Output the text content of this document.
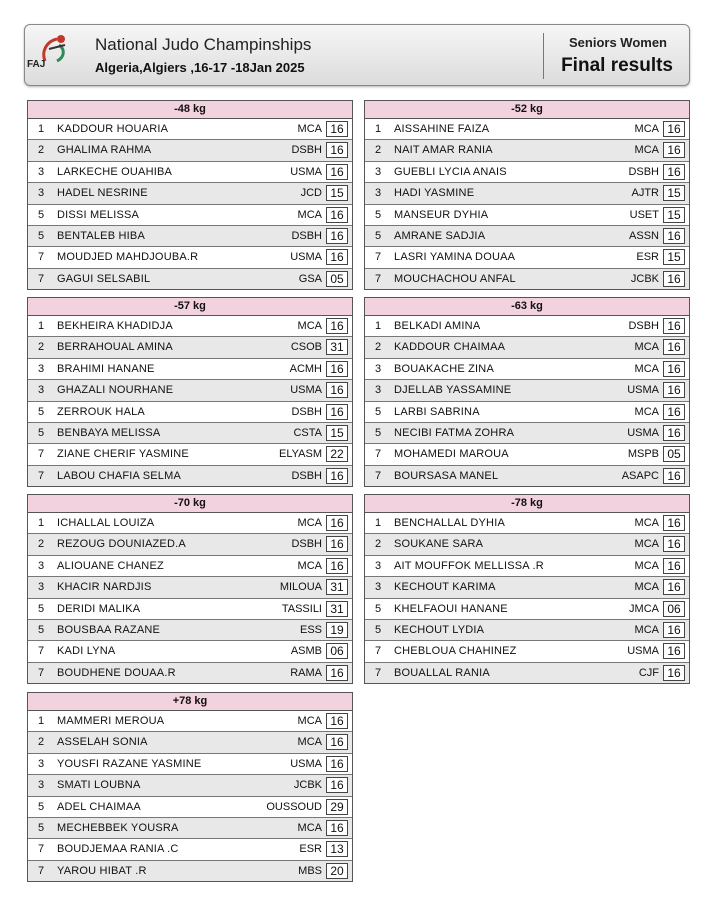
FAJ
National Judo Champinships
Algeria,Algiers ,16-17 -18Jan 2025
Seniors Women
Final results
-48 kg
1 KADDOUR HOUARIA	MCA 16
2 GHALIMA RAHMA	DSBH 16
3 LARKECHE OUAHIBA	USMA 16
3 HADEL NESRINE	JCD 15
5 DISSI MELISSA	MCA 16
5 BENTALEB HIBA	DSBH 16
7 MOUDJED MAHDJOUBA.R	USMA 16
7 GAGUI SELSABIL	GSA 05
-52 kg
1 AISSAHINE FAIZA	MCA 16
2 NAIT AMAR RANIA	MCA 16
3 GUEBLI LYCIA ANAIS	DSBH 16
3 HADI YASMINE	AJTR 15
5 MANSEUR DYHIA	USET 15
5 AMRANE SADJIA	ASSN 16
7 LASRI YAMINA DOUAA	ESR 15
7 MOUCHACHOU ANFAL	JCBK 16
-57 kg
1 BEKHEIRA KHADIDJA	MCA 16
2 BERRAHOUAL AMINA	CSOB 31
3 BRAHIMI HANANE	ACMH 16
3 GHAZALI NOURHANE	USMA 16
5 ZERROUK HALA	DSBH 16
5 BENBAYA MELISSA	CSTA 15
7 ZIANE CHERIF YASMINE	ELYASM 22
7 LABOU CHAFIA SELMA	DSBH 16
-63 kg
1 BELKADI AMINA	DSBH 16
2 KADDOUR CHAIMAA	MCA 16
3 BOUAKACHE ZINA	MCA 16
3 DJELLAB YASSAMINE	USMA 16
5 LARBI SABRINA	MCA 16
5 NECIBI FATMA ZOHRA	USMA 16
7 MOHAMEDI MAROUA	MSPB 05
7 BOURSASA MANEL	ASAPC 16
-70 kg
1 ICHALLAL LOUIZA	MCA 16
2 REZOUG DOUNIAZED.A	DSBH 16
3 ALIOUANE CHANEZ	MCA 16
3 KHACIR NARDJIS	MILOUA 31
5 DERIDI MALIKA	TASSILI 31
5 BOUSBAA RAZANE	ESS 19
7 KADI LYNA	ASMB 06
7 BOUDHENE DOUAA.R	RAMA 16
-78 kg
1 BENCHALLAL DYHIA	MCA 16
2 SOUKANE SARA	MCA 16
3 AIT MOUFFOK MELLISSA .R	MCA 16
3 KECHOUT KARIMA	MCA 16
5 KHELFAOUI HANANE	JMCA 06
5 KECHOUT LYDIA	MCA 16
7 CHEBLOUA CHAHINEZ	USMA 16
7 BOUALLAL RANIA	CJF 16
+78 kg
1 MAMMERI MEROUA	MCA 16
2 ASSELAH SONIA	MCA 16
3 YOUSFI RAZANE YASMINE	USMA 16
3 SMATI LOUBNA	JCBK 16
5 ADEL CHAIMAA	OUSSOUD 29
5 MECHEBBEK YOUSRA	MCA 16
7 BOUDJEMAA RANIA .C	ESR 13
7 YAROU HIBAT .R	MBS 20
